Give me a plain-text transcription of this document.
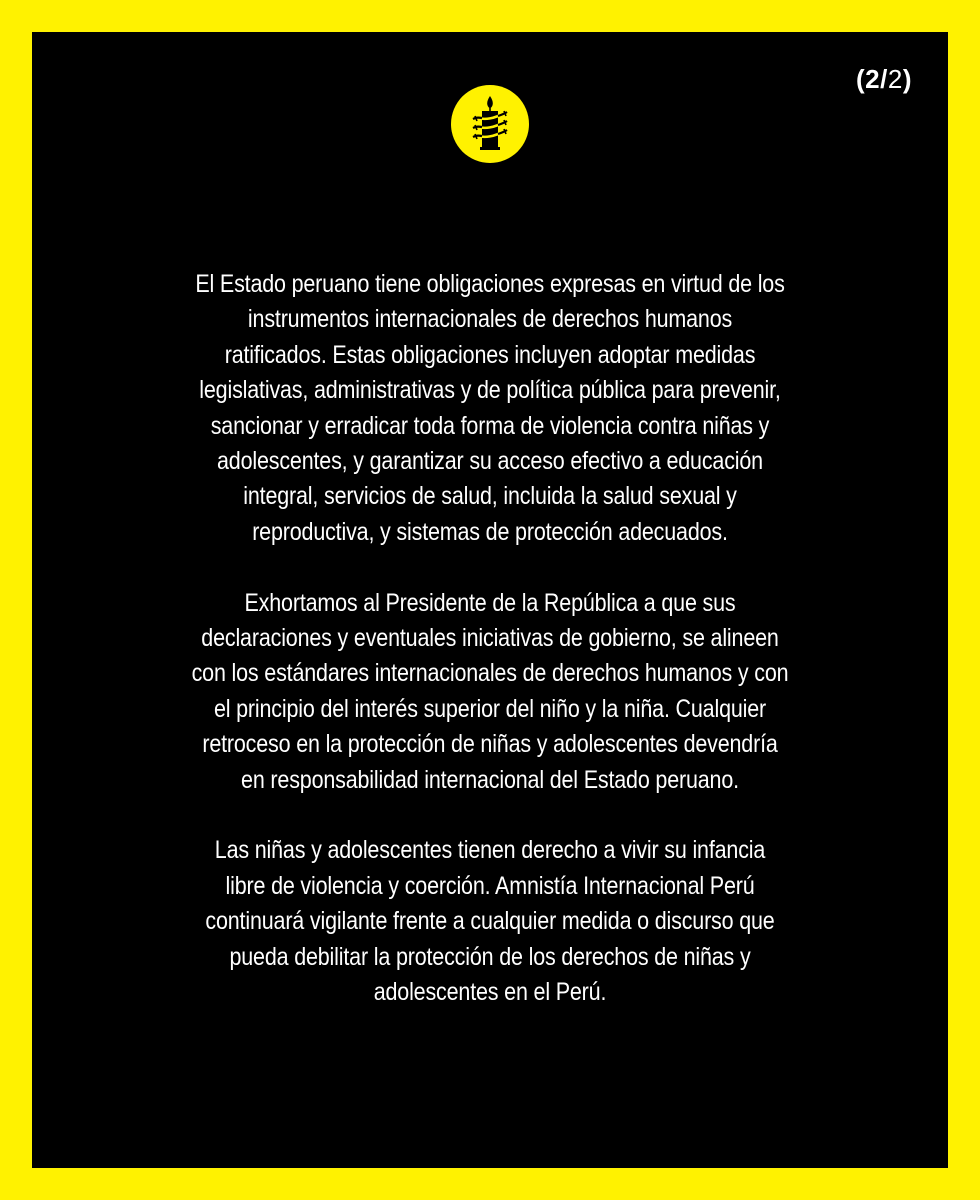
(2/2)

El Estado peruano tiene obligaciones expresas en virtud de los
instrumentos internacionales de derechos humanos
ratificados. Estas obligaciones incluyen adoptar medidas
legislativas, administrativas y de política pública para prevenir,
sancionar y erradicar toda forma de violencia contra niñas y
adolescentes, y garantizar su acceso efectivo a educación
integral, servicios de salud, incluida la salud sexual y
reproductiva, y sistemas de protección adecuados.

Exhortamos al Presidente de la República a que sus
declaraciones y eventuales iniciativas de gobierno, se alineen
con los estándares internacionales de derechos humanos y con
el principio del interés superior del niño y la niña. Cualquier
retroceso en la protección de niñas y adolescentes devendría
en responsabilidad internacional del Estado peruano.

Las niñas y adolescentes tienen derecho a vivir su infancia
libre de violencia y coerción. Amnistía Internacional Perú
continuará vigilante frente a cualquier medida o discurso que
pueda debilitar la protección de los derechos de niñas y
adolescentes en el Perú.
